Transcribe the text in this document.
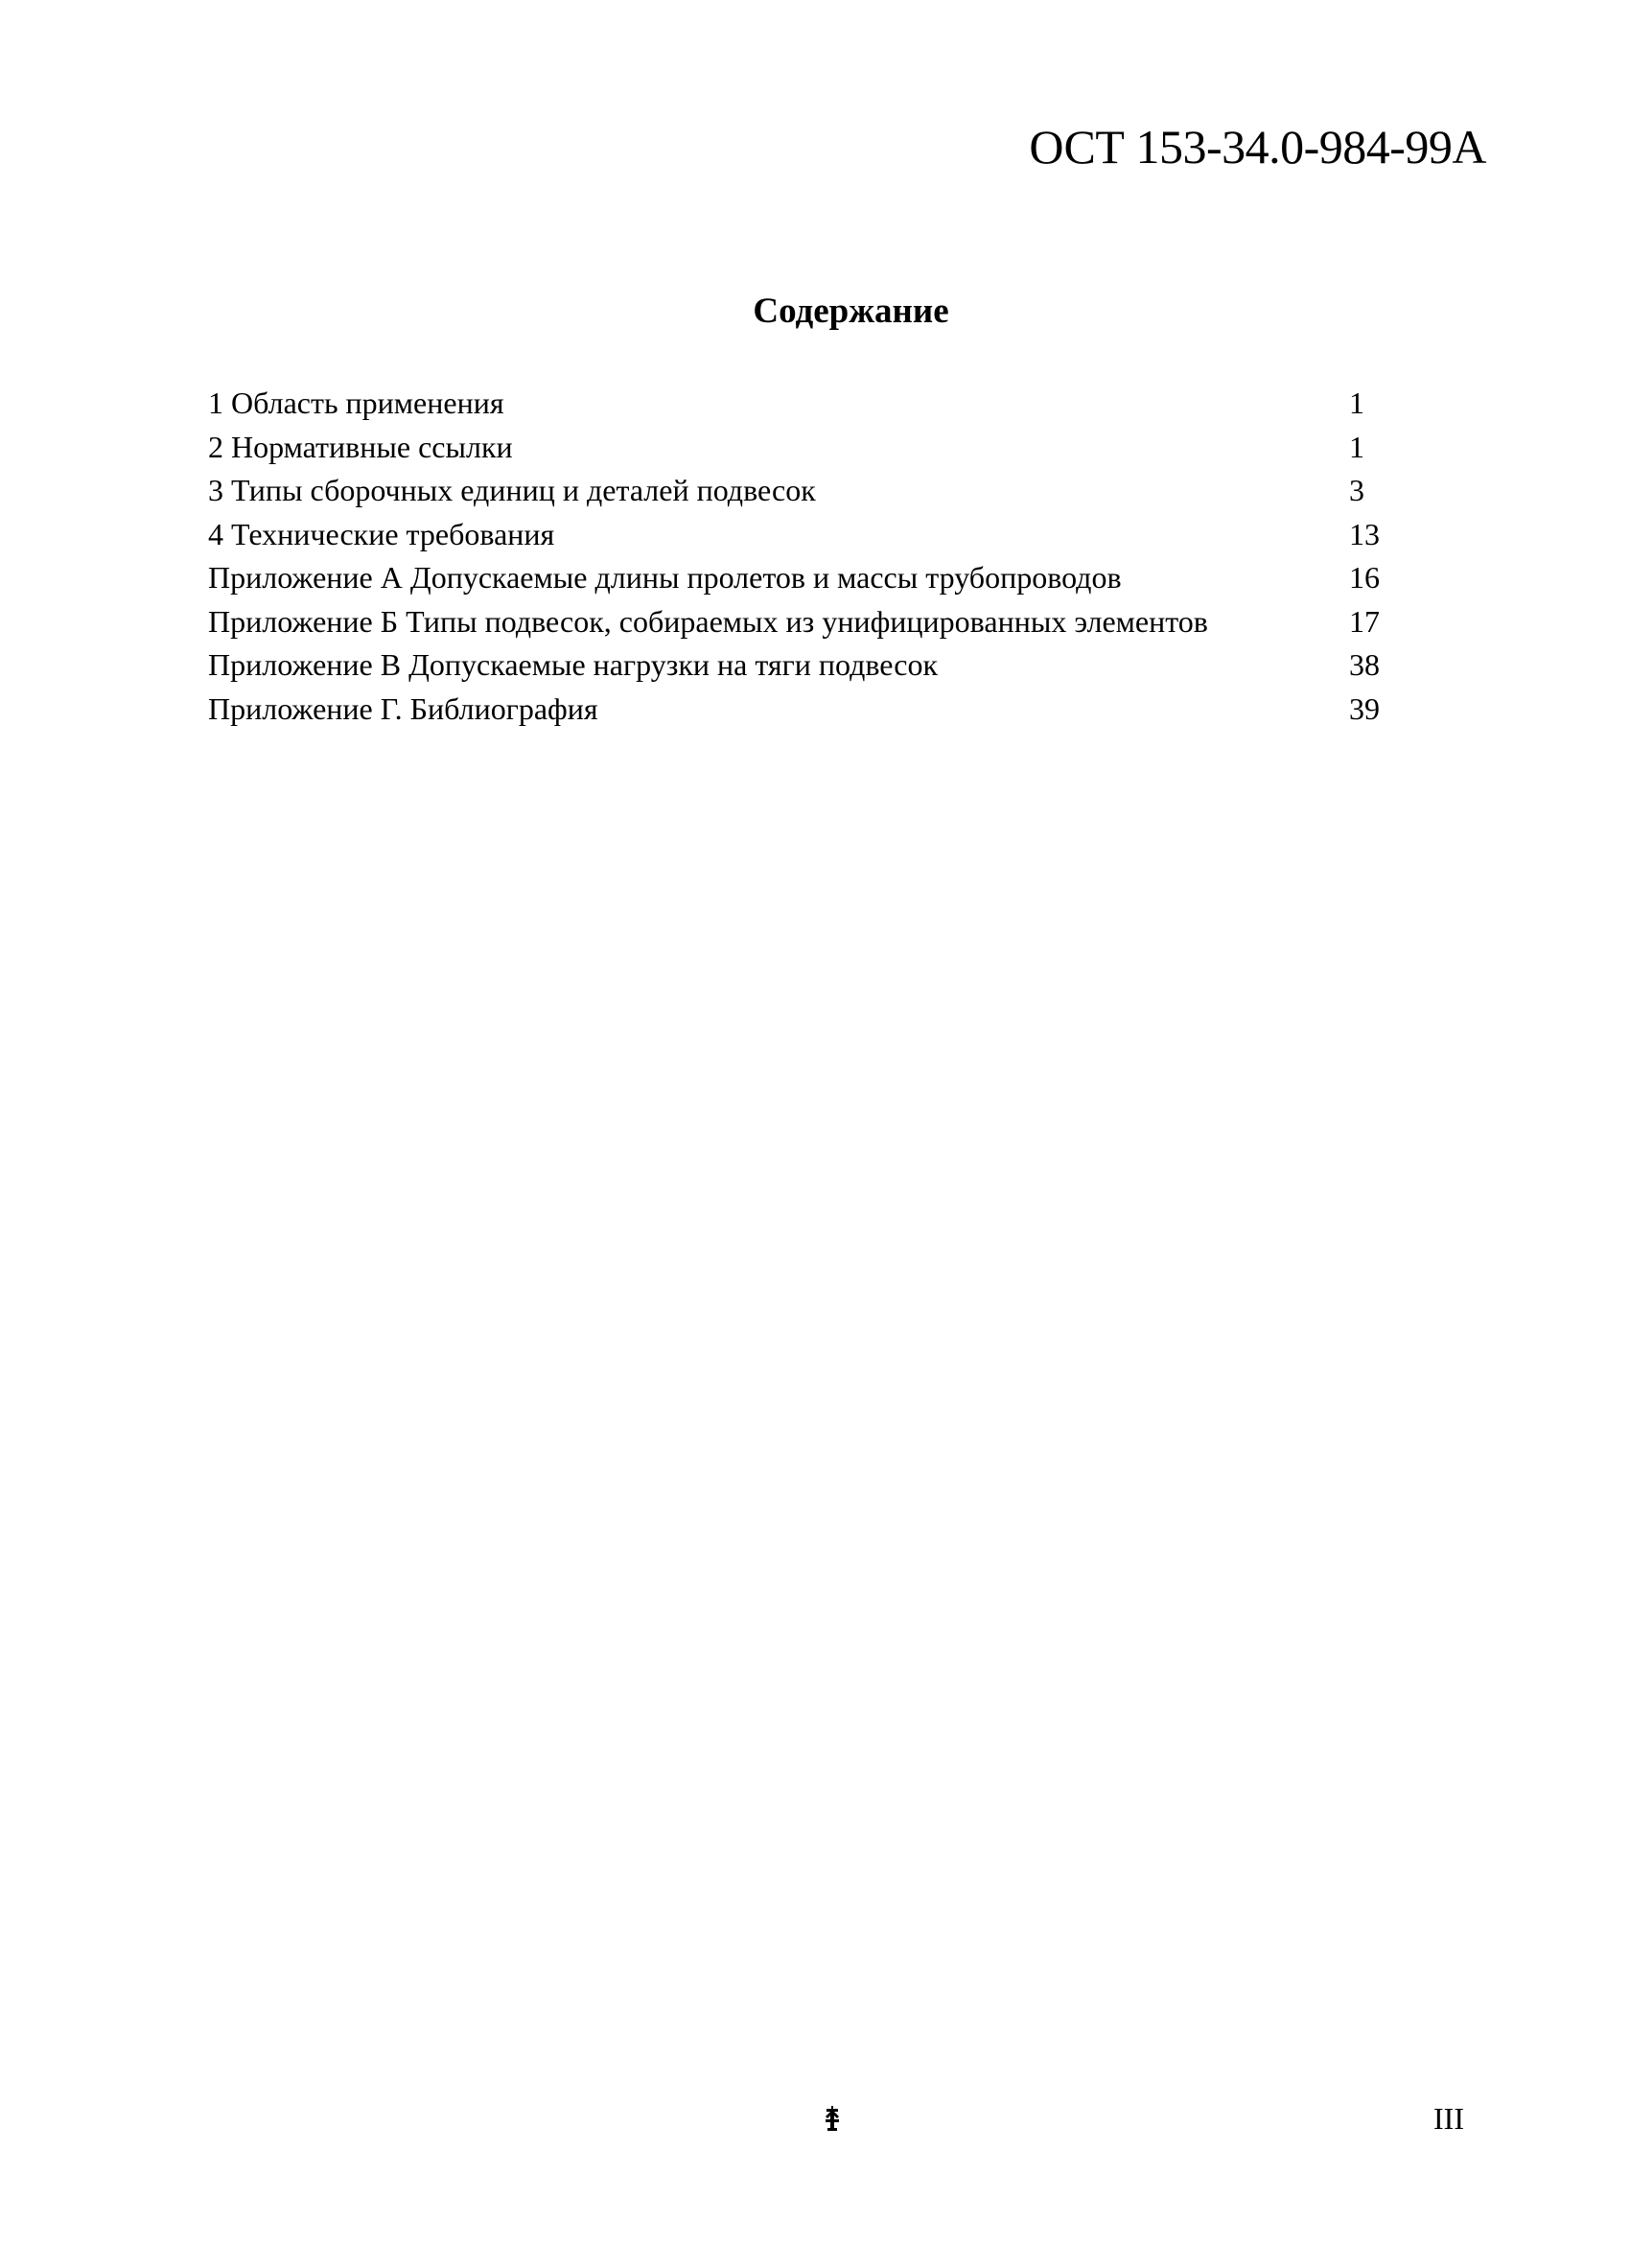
ОСТ 153-34.0-984-99А
Содержание
1 Область применения	1
2 Нормативные ссылки	1
3 Типы сборочных единиц и деталей подвесок	3
4 Технические требования	13
Приложение А Допускаемые длины пролетов и массы трубопроводов	16
Приложение Б Типы подвесок, собираемых из унифицированных элементов	17
Приложение В Допускаемые нагрузки на тяги подвесок	38
Приложение Г. Библиография	39
III
